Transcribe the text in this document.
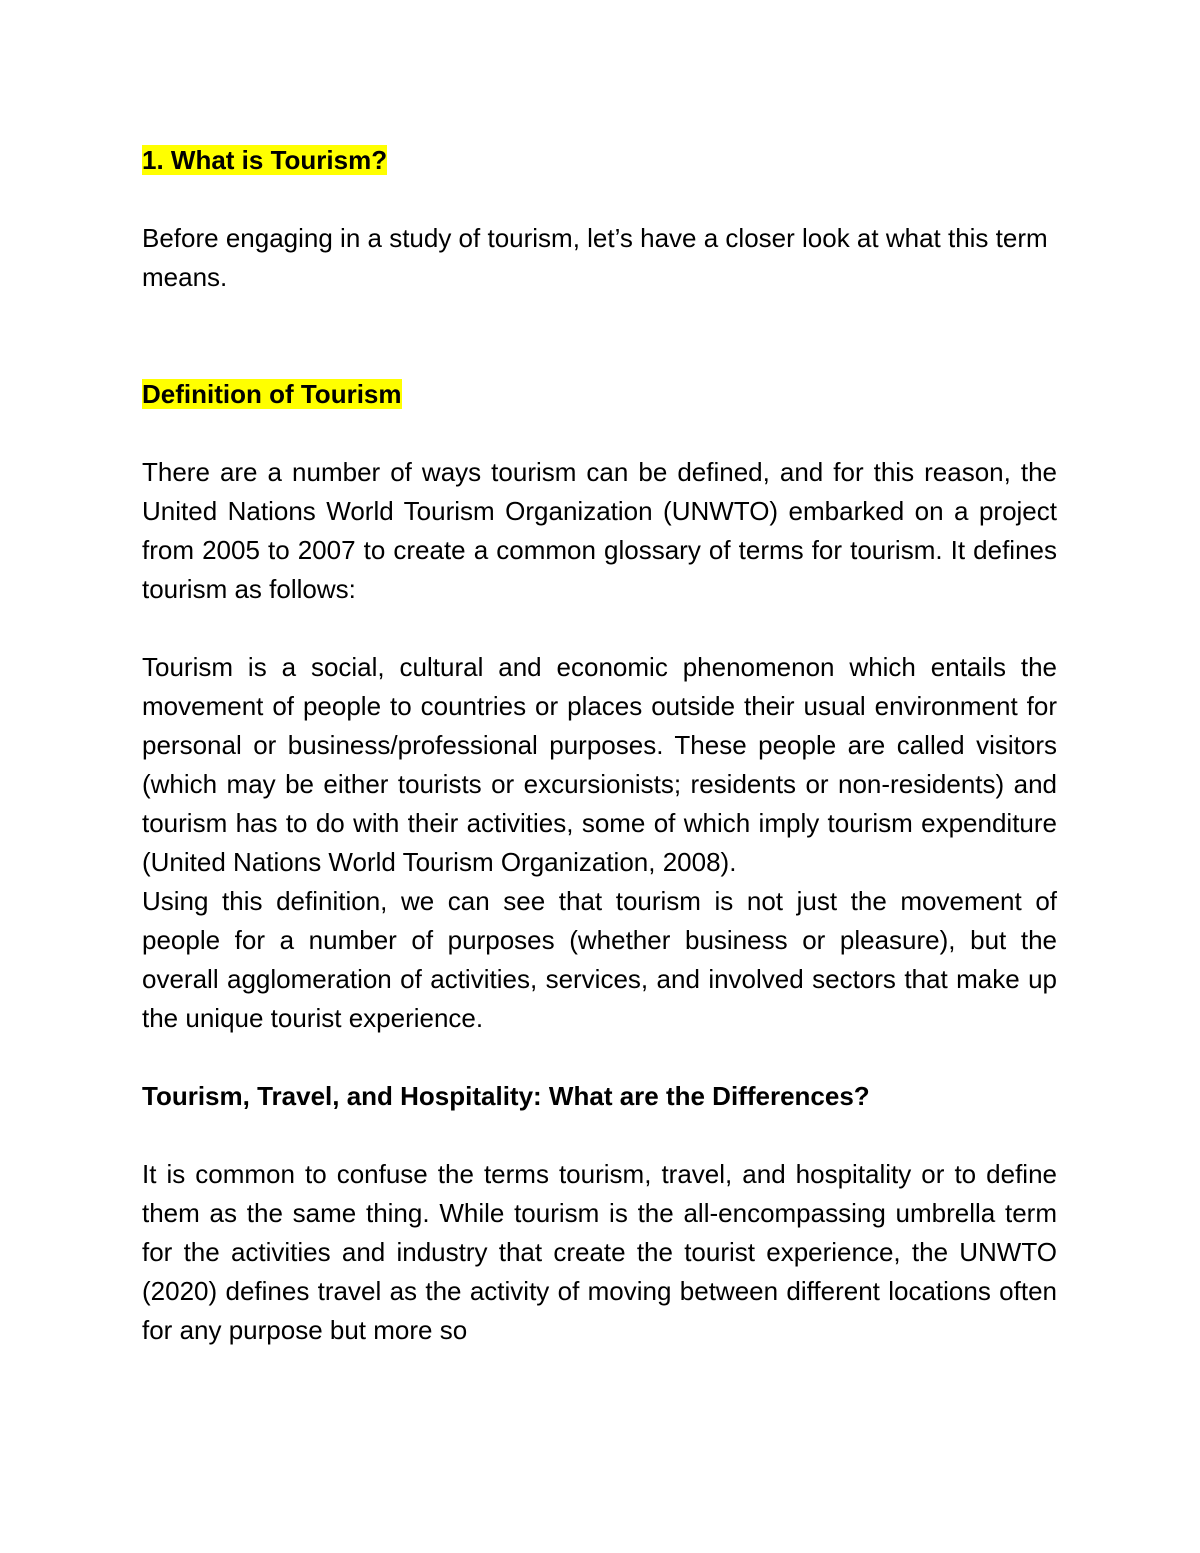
1. What is Tourism?

Before engaging in a study of tourism, let’s have a closer look at what this term means.

Definition of Tourism

There are a number of ways tourism can be defined, and for this reason, the United Nations World Tourism Organization (UNWTO) embarked on a project from 2005 to 2007 to create a common glossary of terms for tourism. It defines tourism as follows:

Tourism is a social, cultural and economic phenomenon which entails the movement of people to countries or places outside their usual environment for personal or business/professional purposes. These people are called visitors (which may be either tourists or excursionists; residents or non-residents) and tourism has to do with their activities, some of which imply tourism expenditure (United Nations World Tourism Organization, 2008).

Using this definition, we can see that tourism is not just the movement of people for a number of purposes (whether business or pleasure), but the overall agglomeration of activities, services, and involved sectors that make up the unique tourist experience.

Tourism, Travel, and Hospitality: What are the Differences?

It is common to confuse the terms tourism, travel, and hospitality or to define them as the same thing. While tourism is the all-encompassing umbrella term for the activities and industry that create the tourist experience, the UNWTO (2020) defines travel as the activity of moving between different locations often for any purpose but more so
